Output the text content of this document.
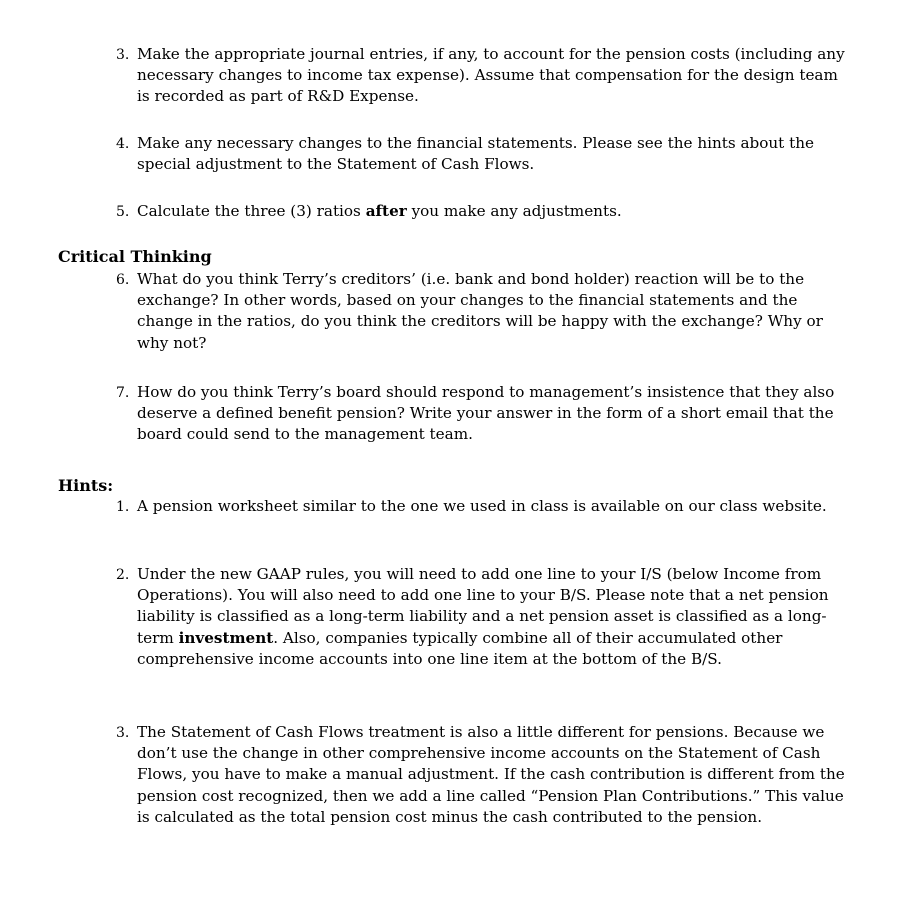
3. Make the appropriate journal entries, if any, to account for the pension costs (including any necessary changes to income tax expense). Assume that compensation for the design team is recorded as part of R&D Expense.
4. Make any necessary changes to the financial statements. Please see the hints about the special adjustment to the Statement of Cash Flows.
5. Calculate the three (3) ratios after you make any adjustments.
Critical Thinking
6. What do you think Terry’s creditors’ (i.e. bank and bond holder) reaction will be to the exchange? In other words, based on your changes to the financial statements and the change in the ratios, do you think the creditors will be happy with the exchange? Why or why not?
7. How do you think Terry’s board should respond to management’s insistence that they also deserve a defined benefit pension? Write your answer in the form of a short email that the board could send to the management team.
Hints:
1. A pension worksheet similar to the one we used in class is available on our class website.
2. Under the new GAAP rules, you will need to add one line to your I/S (below Income from Operations). You will also need to add one line to your B/S. Please note that a net pension liability is classified as a long-term liability and a net pension asset is classified as a long-term investment. Also, companies typically combine all of their accumulated other comprehensive income accounts into one line item at the bottom of the B/S.
3. The Statement of Cash Flows treatment is also a little different for pensions. Because we don’t use the change in other comprehensive income accounts on the Statement of Cash Flows, you have to make a manual adjustment. If the cash contribution is different from the pension cost recognized, then we add a line called “Pension Plan Contributions.” This value is calculated as the total pension cost minus the cash contributed to the pension.
